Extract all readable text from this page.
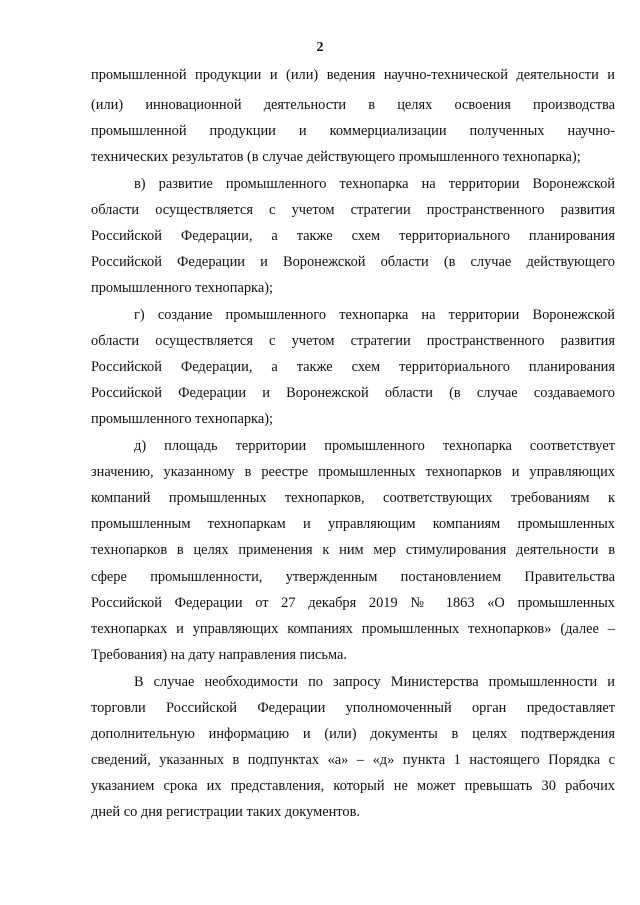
2
промышленной продукции и (или) ведения научно-технической деятельности и
(или) инновационной деятельности в целях освоения производства
промышленной продукции и коммерциализации полученных научно-
технических результатов (в случае действующего промышленного технопарка);
в) развитие промышленного технопарка на территории Воронежской
области осуществляется с учетом стратегии пространственного развития
Российской Федерации, а также схем территориального планирования
Российской Федерации и Воронежской области (в случае действующего
промышленного технопарка);
г) создание промышленного технопарка на территории Воронежской
области осуществляется с учетом стратегии пространственного развития
Российской Федерации, а также схем территориального планирования
Российской Федерации и Воронежской области (в случае создаваемого
промышленного технопарка);
д) площадь территории промышленного технопарка соответствует
значению, указанному в реестре промышленных технопарков и управляющих
компаний промышленных технопарков, соответствующих требованиям к
промышленным технопаркам и управляющим компаниям промышленных
технопарков в целях применения к ним мер стимулирования деятельности в
сфере промышленности, утвержденным постановлением Правительства
Российской Федерации от 27 декабря 2019 № 1863 «О промышленных
технопарках и управляющих компаниях промышленных технопарков» (далее –
Требования) на дату направления письма.
В случае необходимости по запросу Министерства промышленности и
торговли Российской Федерации уполномоченный орган предоставляет
дополнительную информацию и (или) документы в целях подтверждения
сведений, указанных в подпунктах «а» – «д» пункта 1 настоящего Порядка с
указанием срока их представления, который не может превышать 30 рабочих
дней со дня регистрации таких документов.
